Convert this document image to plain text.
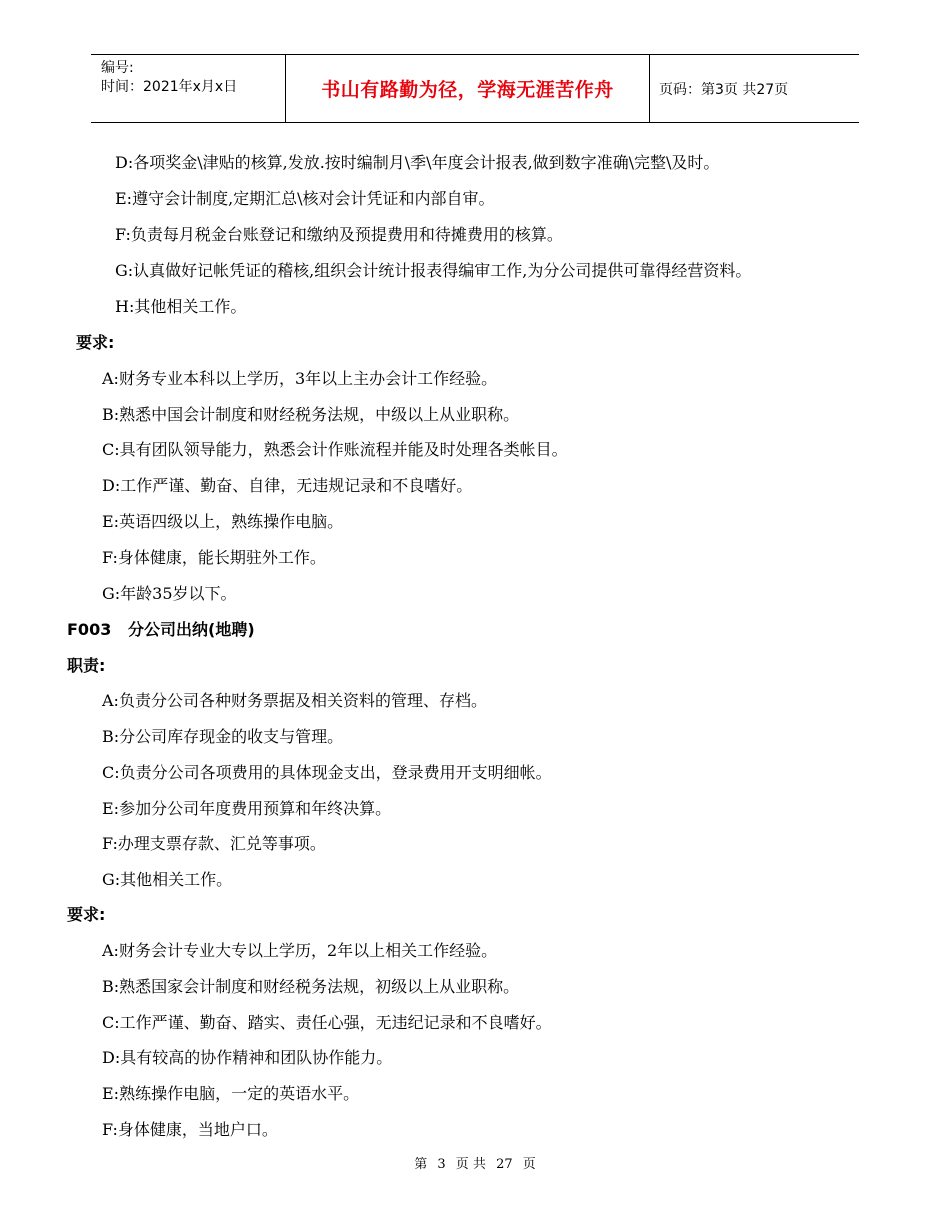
编号:
时间：2021年x月x日	书山有路勤为径，学海无涯苦作舟	页码：第3页 共27页
D:各项奖金\津贴的核算,发放.按时编制月\季\年度会计报表,做到数字准确\完整\及时。
E:遵守会计制度,定期汇总\核对会计凭证和内部自审。
F:负责每月税金台账登记和缴纳及预提费用和待摊费用的核算。
G:认真做好记帐凭证的稽核,组织会计统计报表得编审工作,为分公司提供可靠得经营资料。
H:其他相关工作。
要求:
A:财务专业本科以上学历，3年以上主办会计工作经验。
B:熟悉中国会计制度和财经税务法规，中级以上从业职称。
C:具有团队领导能力，熟悉会计作账流程并能及时处理各类帐目。
D:工作严谨、勤奋、自律，无违规记录和不良嗜好。
E:英语四级以上，熟练操作电脑。
F:身体健康，能长期驻外工作。
G:年龄35岁以下。
F003   分公司出纳(地聘)
职责:
A:负责分公司各种财务票据及相关资料的管理、存档。
B:分公司库存现金的收支与管理。
C:负责分公司各项费用的具体现金支出，登录费用开支明细帐。
E:参加分公司年度费用预算和年终决算。
F:办理支票存款、汇兑等事项。
G:其他相关工作。
要求:
A:财务会计专业大专以上学历，2年以上相关工作经验。
B:熟悉国家会计制度和财经税务法规，初级以上从业职称。
C:工作严谨、勤奋、踏实、责任心强，无违纪记录和不良嗜好。
D:具有较高的协作精神和团队协作能力。
E:熟练操作电脑，一定的英语水平。
F:身体健康，当地户口。
第 3 页 共 27 页
